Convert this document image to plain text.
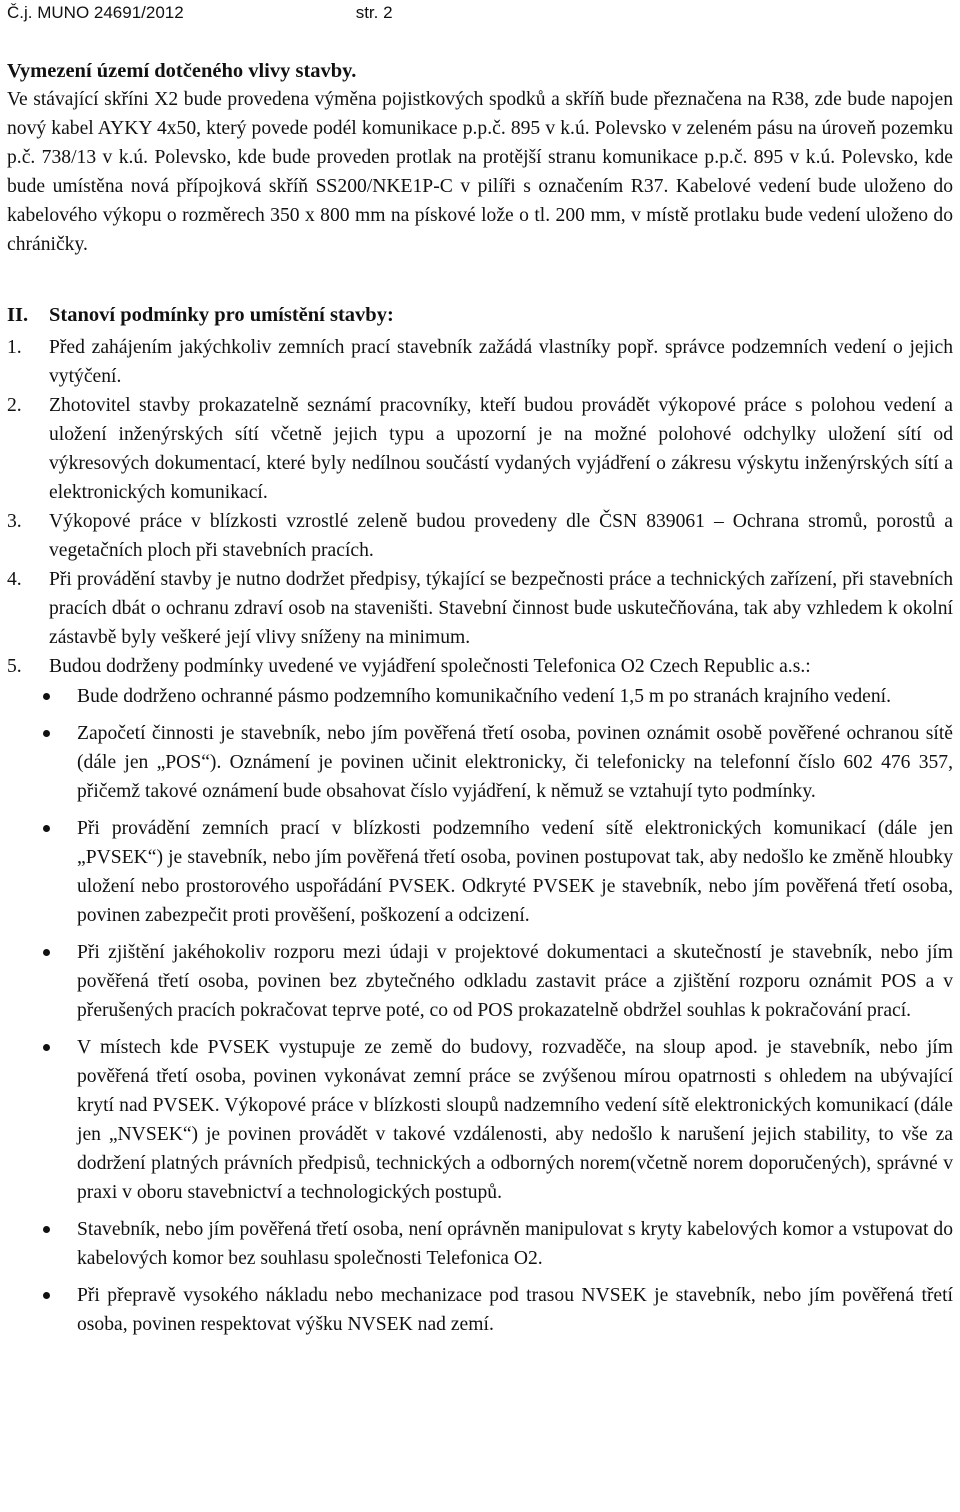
Č.j. MUNO 24691/2012	str. 2

Vymezení území dotčeného vlivy stavby.

Ve stávající skříni X2 bude provedena výměna pojistkových spodků a skříň bude přeznačena na R38, zde bude napojen nový kabel AYKY 4x50, který povede podél komunikace p.p.č. 895 v k.ú. Polevsko v zeleném pásu na úroveň pozemku p.č. 738/13 v k.ú. Polevsko, kde bude proveden protlak na protější stranu komunikace p.p.č. 895 v k.ú. Polevsko, kde bude umístěna nová přípojková skříň SS200/NKE1P-C v pilíři s označením R37. Kabelové vedení bude uloženo do kabelového výkopu o rozměrech 350 x 800 mm na pískové lože o tl. 200 mm, v místě protlaku bude vedení uloženo do chráničky.

II.	Stanoví podmínky pro umístění stavby:
1.	Před zahájením jakýchkoliv zemních prací stavebník zažádá vlastníky popř. správce podzemních vedení o jejich vytýčení.
2.	Zhotovitel stavby prokazatelně seznámí pracovníky, kteří budou provádět výkopové práce s polohou vedení a uložení inženýrských sítí včetně jejich typu a upozorní je na možné polohové odchylky uložení sítí od výkresových dokumentací, které byly nedílnou součástí vydaných vyjádření o zákresu výskytu inženýrských sítí a elektronických komunikací.
3.	Výkopové práce v blízkosti vzrostlé zeleně budou provedeny dle ČSN 839061 – Ochrana stromů, porostů a vegetačních ploch při stavebních pracích.
4.	Při provádění stavby je nutno dodržet předpisy, týkající se bezpečnosti práce a technických zařízení, při stavebních pracích dbát o ochranu zdraví osob na staveništi. Stavební činnost bude uskutečňována, tak aby vzhledem k okolní zástavbě byly veškeré její vlivy sníženy na minimum.
5.	Budou dodrženy podmínky uvedené ve vyjádření společnosti Telefonica O2 Czech Republic a.s.:
Bude dodrženo ochranné pásmo podzemního komunikačního vedení 1,5 m po stranách krajního vedení.
Započetí činnosti je stavebník, nebo jím pověřená třetí osoba, povinen oznámit osobě pověřené ochranou sítě (dále jen „POS“). Oznámení je povinen učinit elektronicky, či telefonicky na telefonní číslo 602 476 357, přičemž takové oznámení bude obsahovat číslo vyjádření, k němuž se vztahují tyto podmínky.
Při provádění zemních prací v blízkosti podzemního vedení sítě elektronických komunikací (dále jen „PVSEK“) je stavebník, nebo jím pověřená třetí osoba, povinen postupovat tak, aby nedošlo ke změně hloubky uložení nebo prostorového uspořádání PVSEK. Odkryté PVSEK je stavebník, nebo jím pověřená třetí osoba, povinen zabezpečit proti prověšení, poškození a odcizení.
Při zjištění jakéhokoliv rozporu mezi údaji v projektové dokumentaci a skutečností je stavebník, nebo jím pověřená třetí osoba, povinen bez zbytečného odkladu zastavit práce a zjištění rozporu oznámit POS a v přerušených pracích pokračovat teprve poté, co od POS prokazatelně obdržel souhlas k pokračování prací.
V místech kde PVSEK vystupuje ze země do budovy, rozvaděče, na sloup apod. je stavebník, nebo jím pověřená třetí osoba, povinen vykonávat zemní práce se zvýšenou mírou opatrnosti s ohledem na ubývající krytí nad PVSEK. Výkopové práce v blízkosti sloupů nadzemního vedení sítě elektronických komunikací (dále jen „NVSEK“) je povinen provádět v takové vzdálenosti, aby nedošlo k narušení jejich stability, to vše za dodržení platných právních předpisů, technických a odborných norem(včetně norem doporučených), správné v praxi v oboru stavebnictví a technologických postupů.
Stavebník, nebo jím pověřená třetí osoba, není oprávněn manipulovat s kryty kabelových komor a vstupovat do kabelových komor bez souhlasu společnosti Telefonica O2.
Při přepravě vysokého nákladu nebo mechanizace pod trasou NVSEK je stavebník, nebo jím pověřená třetí osoba, povinen respektovat výšku NVSEK nad zemí.
